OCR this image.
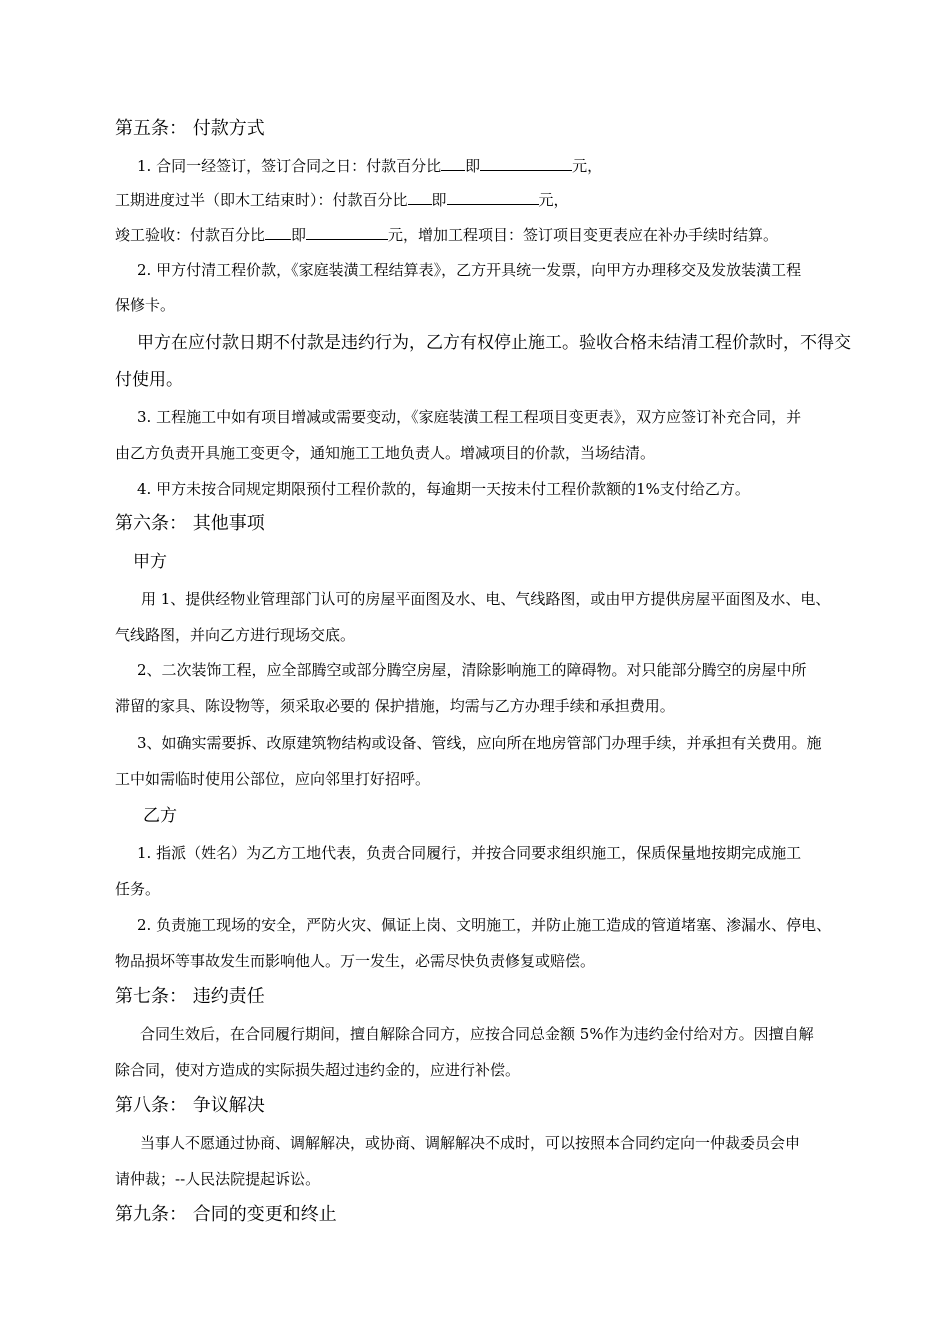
第五条： 付款方式
1. 合同一经签订，签订合同之日：付款百分比 即	元，
工期进度过半（即木工结束时）：付款百分比 即	元，
竣工验收：付款百分比 即	元，增加工程项目：签订项目变更表应在补办手续时结算。
2. 甲方付清工程价款，《家庭装潢工程结算表》，乙方开具统一发票，向甲方办理移交及发放装潢工程
保修卡。
甲方在应付款日期不付款是违约行为，乙方有权停止施工。验收合格未结清工程价款时，不得交
付使用。
3. 工程施工中如有项目增减或需要变动，《家庭装潢工程工程项目变更表》，双方应签订补充合同，并
由乙方负责开具施工变更令，通知施工工地负责人。增减项目的价款，当场结清。
4. 甲方未按合同规定期限预付工程价款的，每逾期一天按未付工程价款额的1%支付给乙方。
第六条： 其他事项
甲方
用 1、提供经物业管理部门认可的房屋平面图及水、电、气线路图，或由甲方提供房屋平面图及水、电、
气线路图，并向乙方进行现场交底。
2、二次装饰工程，应全部腾空或部分腾空房屋，清除影响施工的障碍物。对只能部分腾空的房屋中所
滞留的家具、陈设物等，须采取必要的 保护措施，均需与乙方办理手续和承担费用。
3、如确实需要拆、改原建筑物结构或设备、管线，应向所在地房管部门办理手续，并承担有关费用。施
工中如需临时使用公部位，应向邻里打好招呼。
乙方
1. 指派（姓名）为乙方工地代表，负责合同履行，并按合同要求组织施工，保质保量地按期完成施工
任务。
2. 负责施工现场的安全，严防火灾、佩证上岗、文明施工，并防止施工造成的管道堵塞、渗漏水、停电、
物品损坏等事故发生而影响他人。万一发生，必需尽快负责修复或赔偿。
第七条： 违约责任
合同生效后，在合同履行期间，擅自解除合同方，应按合同总金额 5%作为违约金付给对方。因擅自解
除合同，使对方造成的实际损失超过违约金的，应进行补偿。
第八条： 争议解决
当事人不愿通过协商、调解解决，或协商、调解解决不成时，可以按照本合同约定向一仲裁委员会申
请仲裁；--人民法院提起诉讼。
第九条： 合同的变更和终止
